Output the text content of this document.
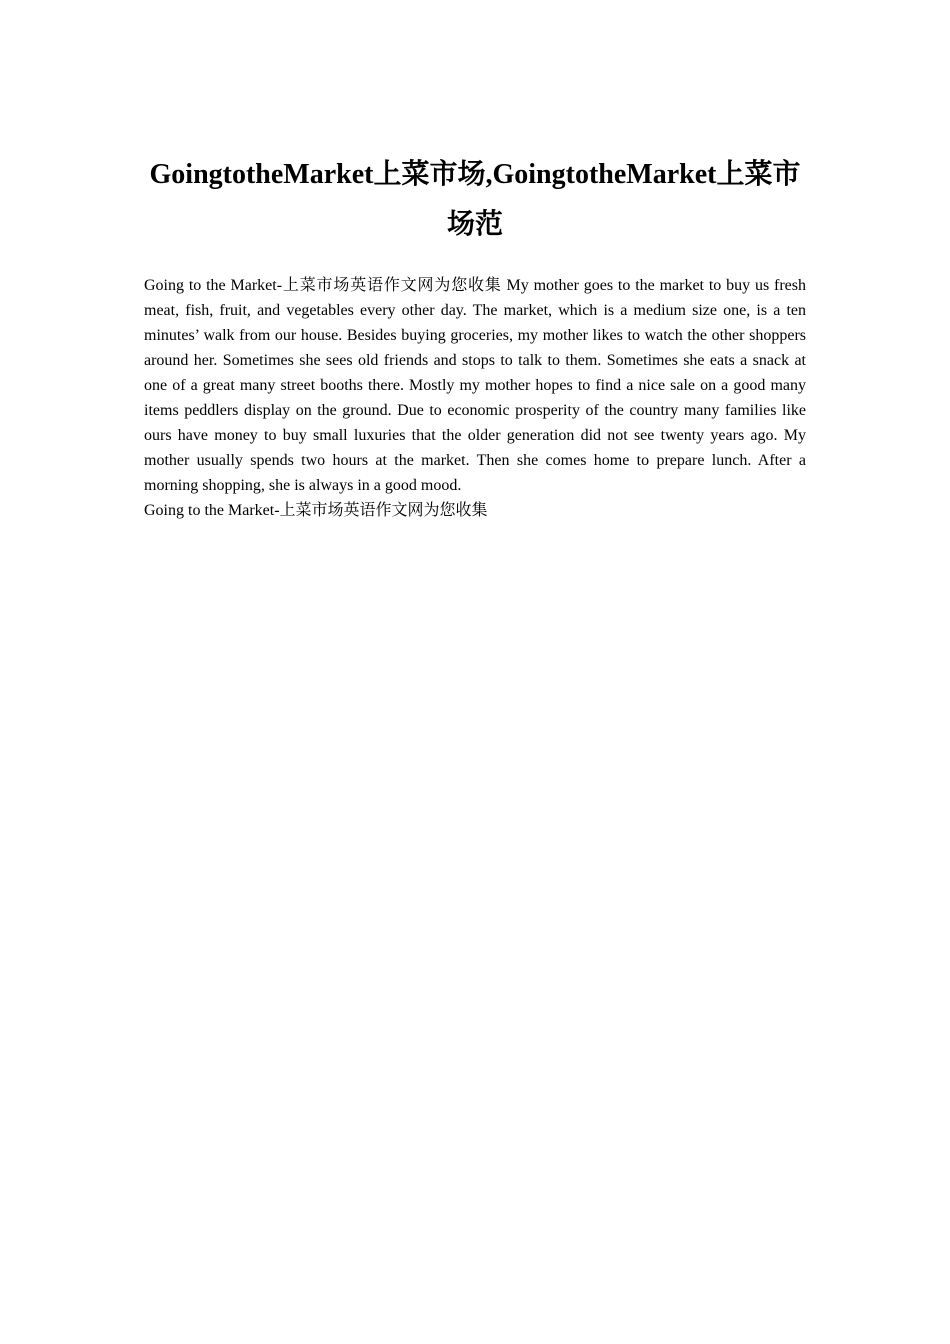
GoingtotheMarket上菜市场,GoingtotheMarket上菜市场范

Going to the Market-上菜市场英语作文网为您收集 My mother goes to the market to buy us fresh meat, fish, fruit, and vegetables every other day. The market, which is a medium size one, is a ten minutes’ walk from our house. Besides buying groceries, my mother likes to watch the other shoppers around her. Sometimes she sees old friends and stops to talk to them. Sometimes she eats a snack at one of a great many street booths there. Mostly my mother hopes to find a nice sale on a good many items peddlers display on the ground. Due to economic prosperity of the country many families like ours have money to buy small luxuries that the older generation did not see twenty years ago. My mother usually spends two hours at the market. Then she comes home to prepare lunch. After a morning shopping, she is always in a good mood.

Going to the Market-上菜市场英语作文网为您收集
